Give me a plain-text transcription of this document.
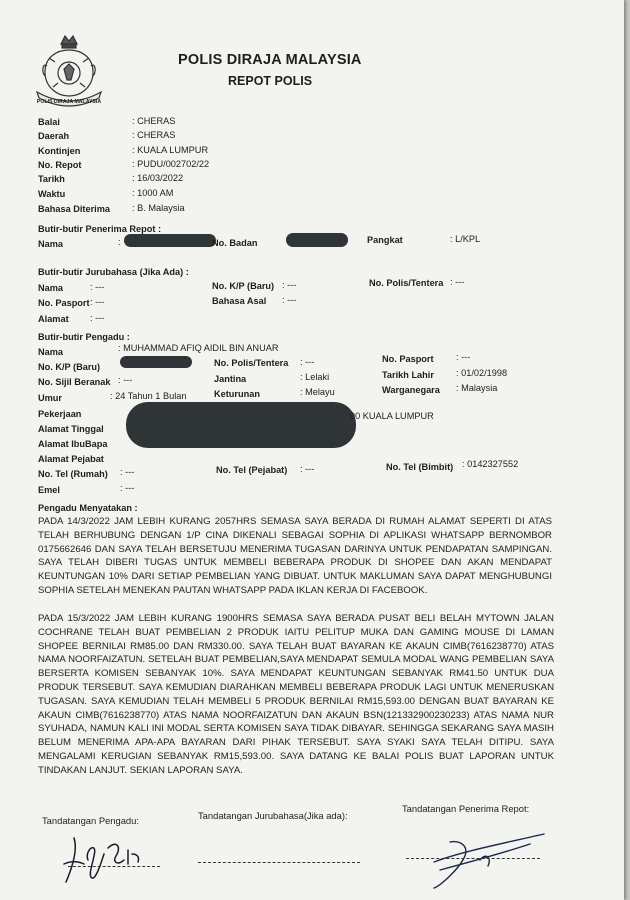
POLIS DIRAJA MALAYSIA
POLIS DIRAJA MALAYSIA
REPOT POLIS
Balai	: CHERAS
Daerah	: CHERAS
Kontinjen	: KUALA LUMPUR
No. Repot	: PUDU/002702/22
Tarikh	: 16/03/2022
Waktu	: 1000 AM
Bahasa Diterima : B. Malaysia
Butir-butir Penerima Repot :
Nama	:	No. Badan	Pangkat	: L/KPL
Butir-butir Jurubahasa (Jika Ada) :
Nama	: ---	No. K/P (Baru) : ---	No. Polis/Tentera : ---
No. Pasport : ---	Bahasa Asal : ---
Alamat : ---
Butir-butir Pengadu :
Nama	: MUHAMMAD AFIQ AIDIL BIN ANUAR
No. K/P (Baru)	No. Polis/Tentera : ---	No. Pasport : ---
No. Sijil Beranak : ---	Jantina	: Lelaki	Tarikh Lahir : 01/02/1998
Umur	: 24 Tahun 1 Bulan	Keturunan	: Melayu	Warganegara : Malaysia
Pekerjaan
Alamat Tinggal
00 KUALA LUMPUR
Alamat IbuBapa
Alamat Pejabat
No. Tel (Rumah) : ---	No. Tel (Pejabat) : ---	No. Tel (Bimbit) : 0142327552
Emel	: ---
Pengadu Menyatakan :
PADA 14/3/2022 JAM LEBIH KURANG 2057HRS SEMASA SAYA BERADA DI RUMAH ALAMAT SEPERTI DI ATAS TELAH BERHUBUNG DENGAN 1/P CINA DIKENALI SEBAGAI SOPHIA DI APLIKASI WHATSAPP BERNOMBOR 0175662646 DAN SAYA TELAH BERSETUJU MENERIMA TUGASAN DARINYA UNTUK PENDAPATAN SAMPINGAN. SAYA TELAH DIBERI TUGAS UNTUK MEMBELI BEBERAPA PRODUK DI SHOPEE DAN AKAN MENDAPAT KEUNTUNGAN 10% DARI SETIAP PEMBELIAN YANG DIBUAT. UNTUK MAKLUMAN SAYA DAPAT MENGHUBUNGI SOPHIA SETELAH MENEKAN PAUTAN WHATSAPP PADA IKLAN KERJA DI FACEBOOK.
PADA 15/3/2022 JAM LEBIH KURANG 1900HRS SEMASA SAYA BERADA PUSAT BELI BELAH MYTOWN JALAN COCHRANE TELAH BUAT PEMBELIAN 2 PRODUK IAITU PELITUP MUKA DAN GAMING MOUSE DI LAMAN SHOPEE BERNILAI RM85.00 DAN RM330.00. SAYA TELAH BUAT BAYARAN KE AKAUN CIMB(7616238770) ATAS NAMA NOORFAIZATUN. SETELAH BUAT PEMBELIAN,SAYA MENDAPAT SEMULA MODAL WANG PEMBELIAN SAYA BERSERTA KOMISEN SEBANYAK 10%. SAYA MENDAPAT KEUNTUNGAN SEBANYAK RM41.50 UNTUK DUA PRODUK TERSEBUT. SAYA KEMUDIAN DIARAHKAN MEMBELI BEBERAPA PRODUK LAGI UNTUK MENERUSKAN TUGASAN. SAYA KEMUDIAN TELAH MEMBELI 5 PRODUK BERNILAI RM15,593.00 DENGAN BUAT BAYARAN KE AKAUN CIMB(7616238770) ATAS NAMA NOORFAIZATUN DAN AKAUN BSN(121332900230233) ATAS NAMA NUR SYUHADA, NAMUN KALI INI MODAL SERTA KOMISEN SAYA TIDAK DIBAYAR. SEHINGGA SEKARANG SAYA MASIH BELUM MENERIMA APA-APA BAYARAN DARI PIHAK TERSEBUT. SAYA SYAKI SAYA TELAH DITIPU. SAYA MENGALAMI KERUGIAN SEBANYAK RM15,593.00. SAYA DATANG KE BALAI POLIS BUAT LAPORAN UNTUK TINDAKAN LANJUT. SEKIAN LAPORAN SAYA.
Tandatangan Pengadu:	Tandatangan Jurubahasa(Jika ada):
Tandatangan Penerima Repot:
